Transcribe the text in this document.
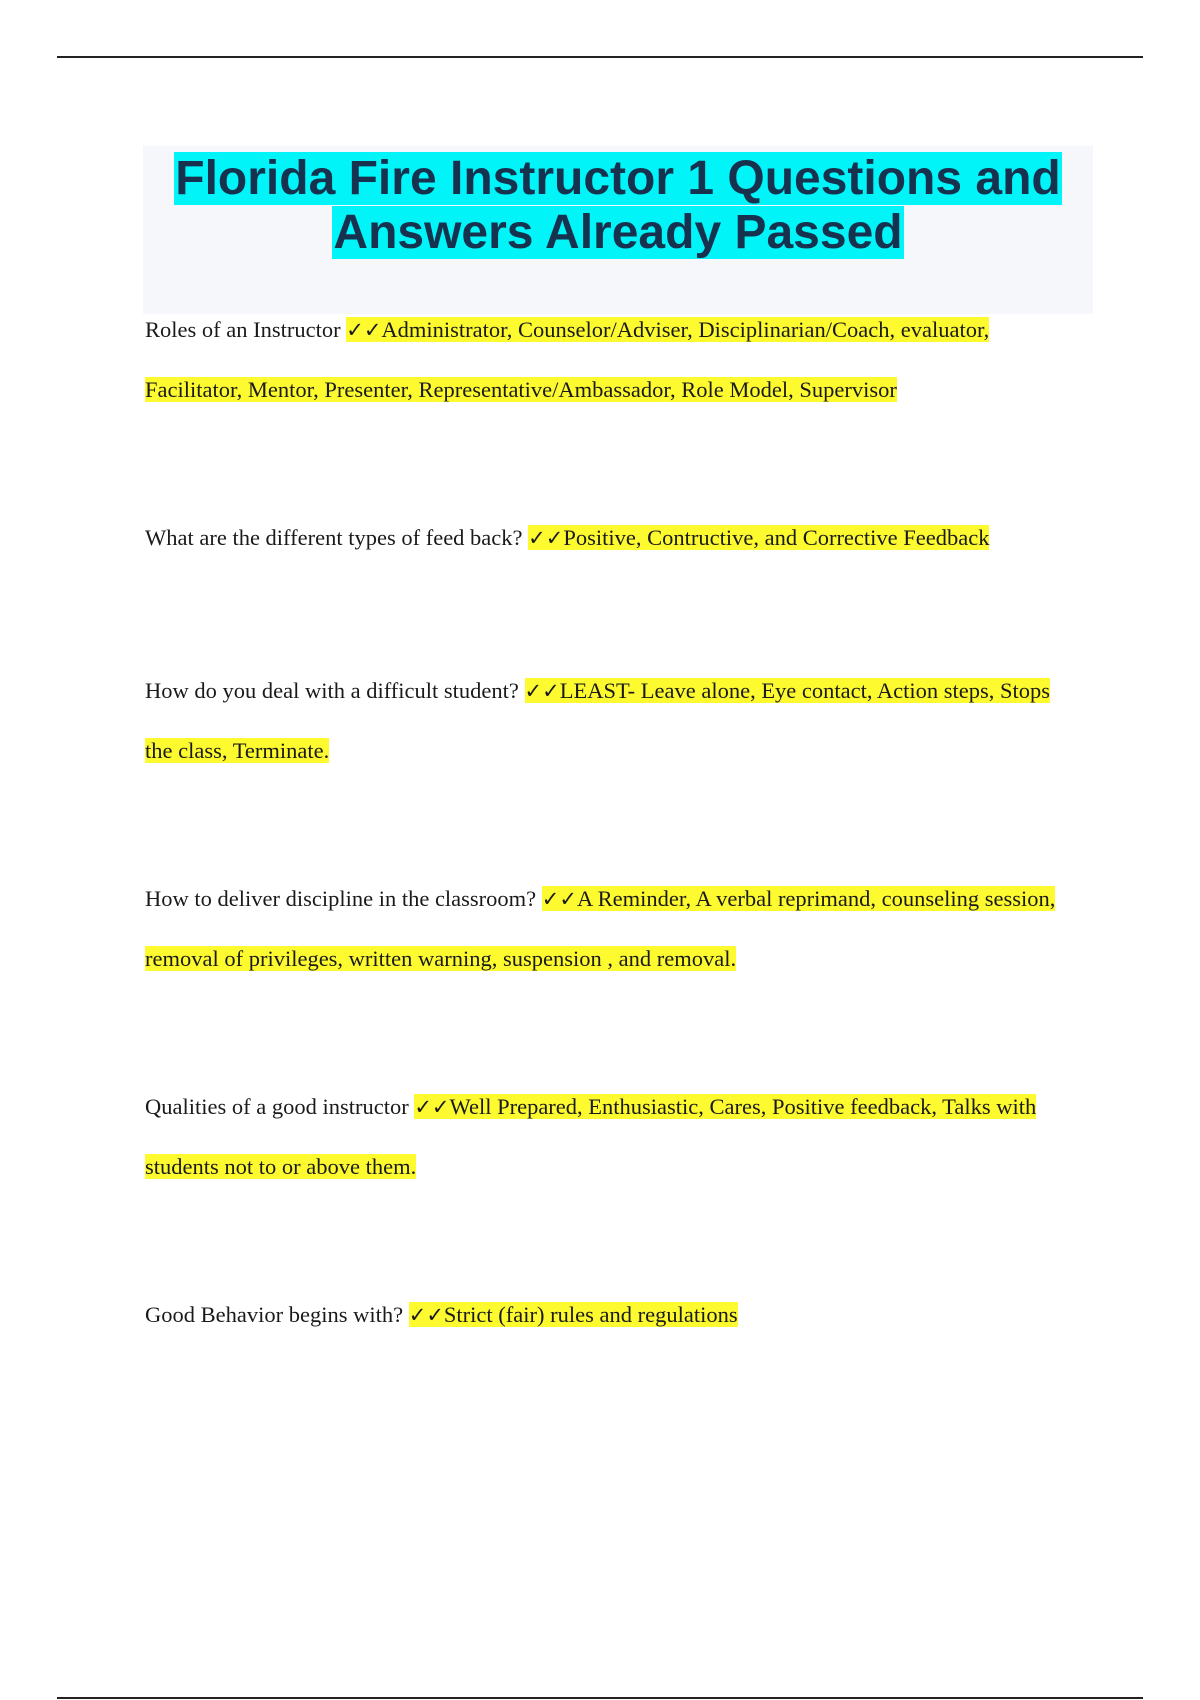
Florida Fire Instructor 1 Questions and
Answers Already Passed

Roles of an Instructor ✓✓Administrator, Counselor/Adviser, Disciplinarian/Coach, evaluator, Facilitator, Mentor, Presenter, Representative/Ambassador, Role Model, Supervisor

What are the different types of feed back? ✓✓Positive, Contructive, and Corrective Feedback

How do you deal with a difficult student? ✓✓LEAST- Leave alone, Eye contact, Action steps, Stops the class, Terminate.

How to deliver discipline in the classroom? ✓✓A Reminder, A verbal reprimand, counseling session, removal of privileges, written warning, suspension , and removal.

Qualities of a good instructor ✓✓Well Prepared, Enthusiastic, Cares, Positive feedback, Talks with students not to or above them.

Good Behavior begins with? ✓✓Strict (fair) rules and regulations
